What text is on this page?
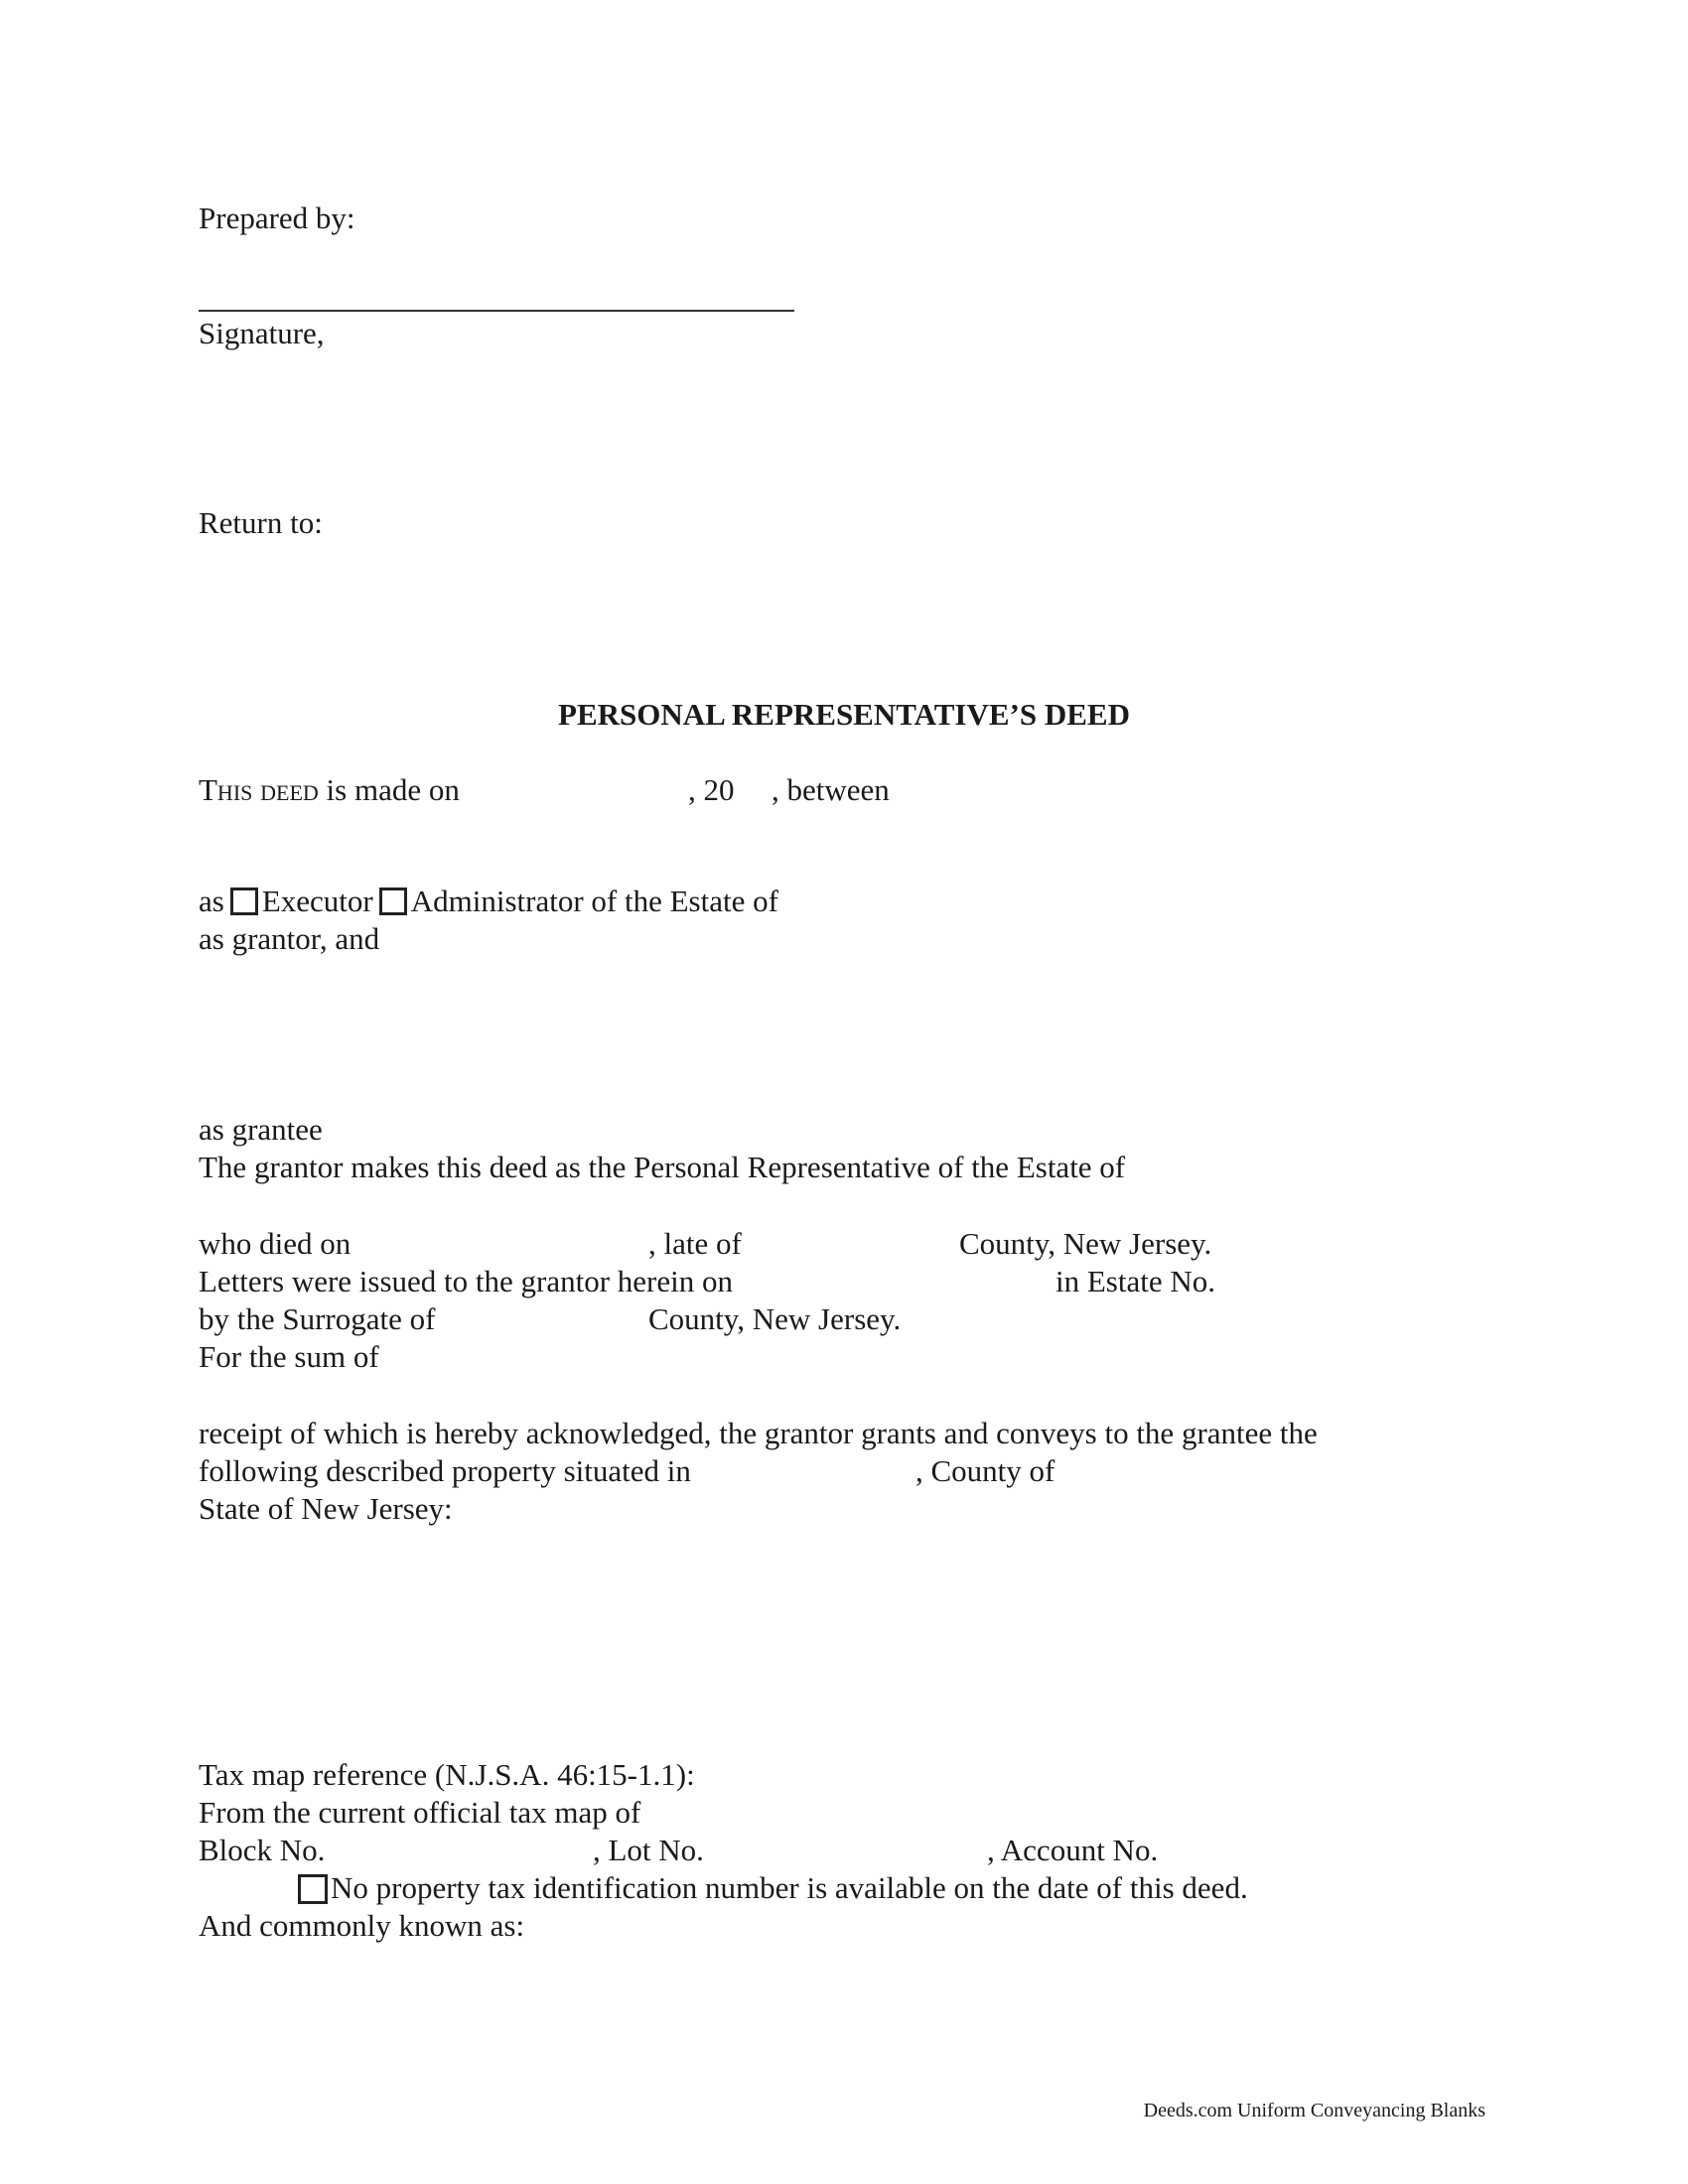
Prepared by:
Signature,
Return to:
PERSONAL REPRESENTATIVE’S DEED
This deed is made on	, 20 , between
as Executor Administrator of the Estate of
as grantor, and
as grantee
The grantor makes this deed as the Personal Representative of the Estate of
who died on	, late of	County, New Jersey.
Letters were issued to the grantor herein on	in Estate No.
by the Surrogate of	County, New Jersey.
For the sum of
receipt of which is hereby acknowledged, the grantor grants and conveys to the grantee the
following described property situated in	, County of
State of New Jersey:
Tax map reference (N.J.S.A. 46:15-1.1):
From the current official tax map of
Block No.	, Lot No.	, Account No.
No property tax identification number is available on the date of this deed.
And commonly known as:
Deeds.com Uniform Conveyancing Blanks
